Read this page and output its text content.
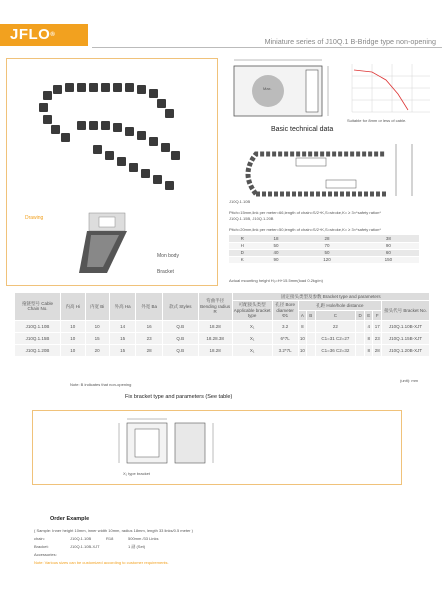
JFLO®
Miniature series of J10Q.1 B-Bridge type non-opening
Drawing
Mon body
Bracket
Max.
Suitable for 8mm or less of cable.
Basic technical data
J10Q.1.10B
Pitch=15mm,link per meter=66,length of chain=S/2+K,S=stroke,K= ≥ 3×*safety ration*
J10Q.1.15B, J10Q.1.20B
Pitch=20mm,link per meter=50,length of chain=S/2+K,S=stroke,K= ≥ 3×*safety ration*
R	18	28	38
H	50	70	90
D	40	50	60
K	90	120	150
Actual mounting height H₀=H+15.5mm(load 0.2kg/m)
拖链型号 Cable Chain No.	内高 Hi	内宽 Bi	外高 Ha	外宽 Ba	款式 Styles	弯曲半径 Bending radius R	固定接头类型及参数 Bracket type and parameters								
							可配接头类型 Applicable bracket type	孔径 Bore diameter Φ1	孔距 Hole/hole distance						接头代号 Bracket No.
									A	B	C	D	E	F	
J10Q.1.10B	10	10	14	16	Q.B	18.28	X₁	3.2	8		22		4	17	J10Q.1.10B-XJT
J10Q.1.15B	10	15	15	23	Q.B	18.28.38	X₁	6*7L	10		C1=31 C2=27		8	23	J10Q.1.15B-XJT
J10Q.1.20B	10	20	15	28	Q.B	18.28	X₁	3.2*7L	10		C1=36 C2=32		8	28	J10Q.1.20B-XJT
(unit): mm
Note: B indicates that non-opening
Fix bracket type and parameters (See table)
X₁ type bracket
Order Example
( Sample: Inner height 10mm, inner width 10mm, radius 18mm, length 33 links/0.5 meter )
chain:	J10Q.1.10B	R18	500mm /33 Links
Bracket:	J10Q.1.10B-XJT	1 副 (Set)
Accessories:
Note: Various sizes can be customized according to customer requirements.
